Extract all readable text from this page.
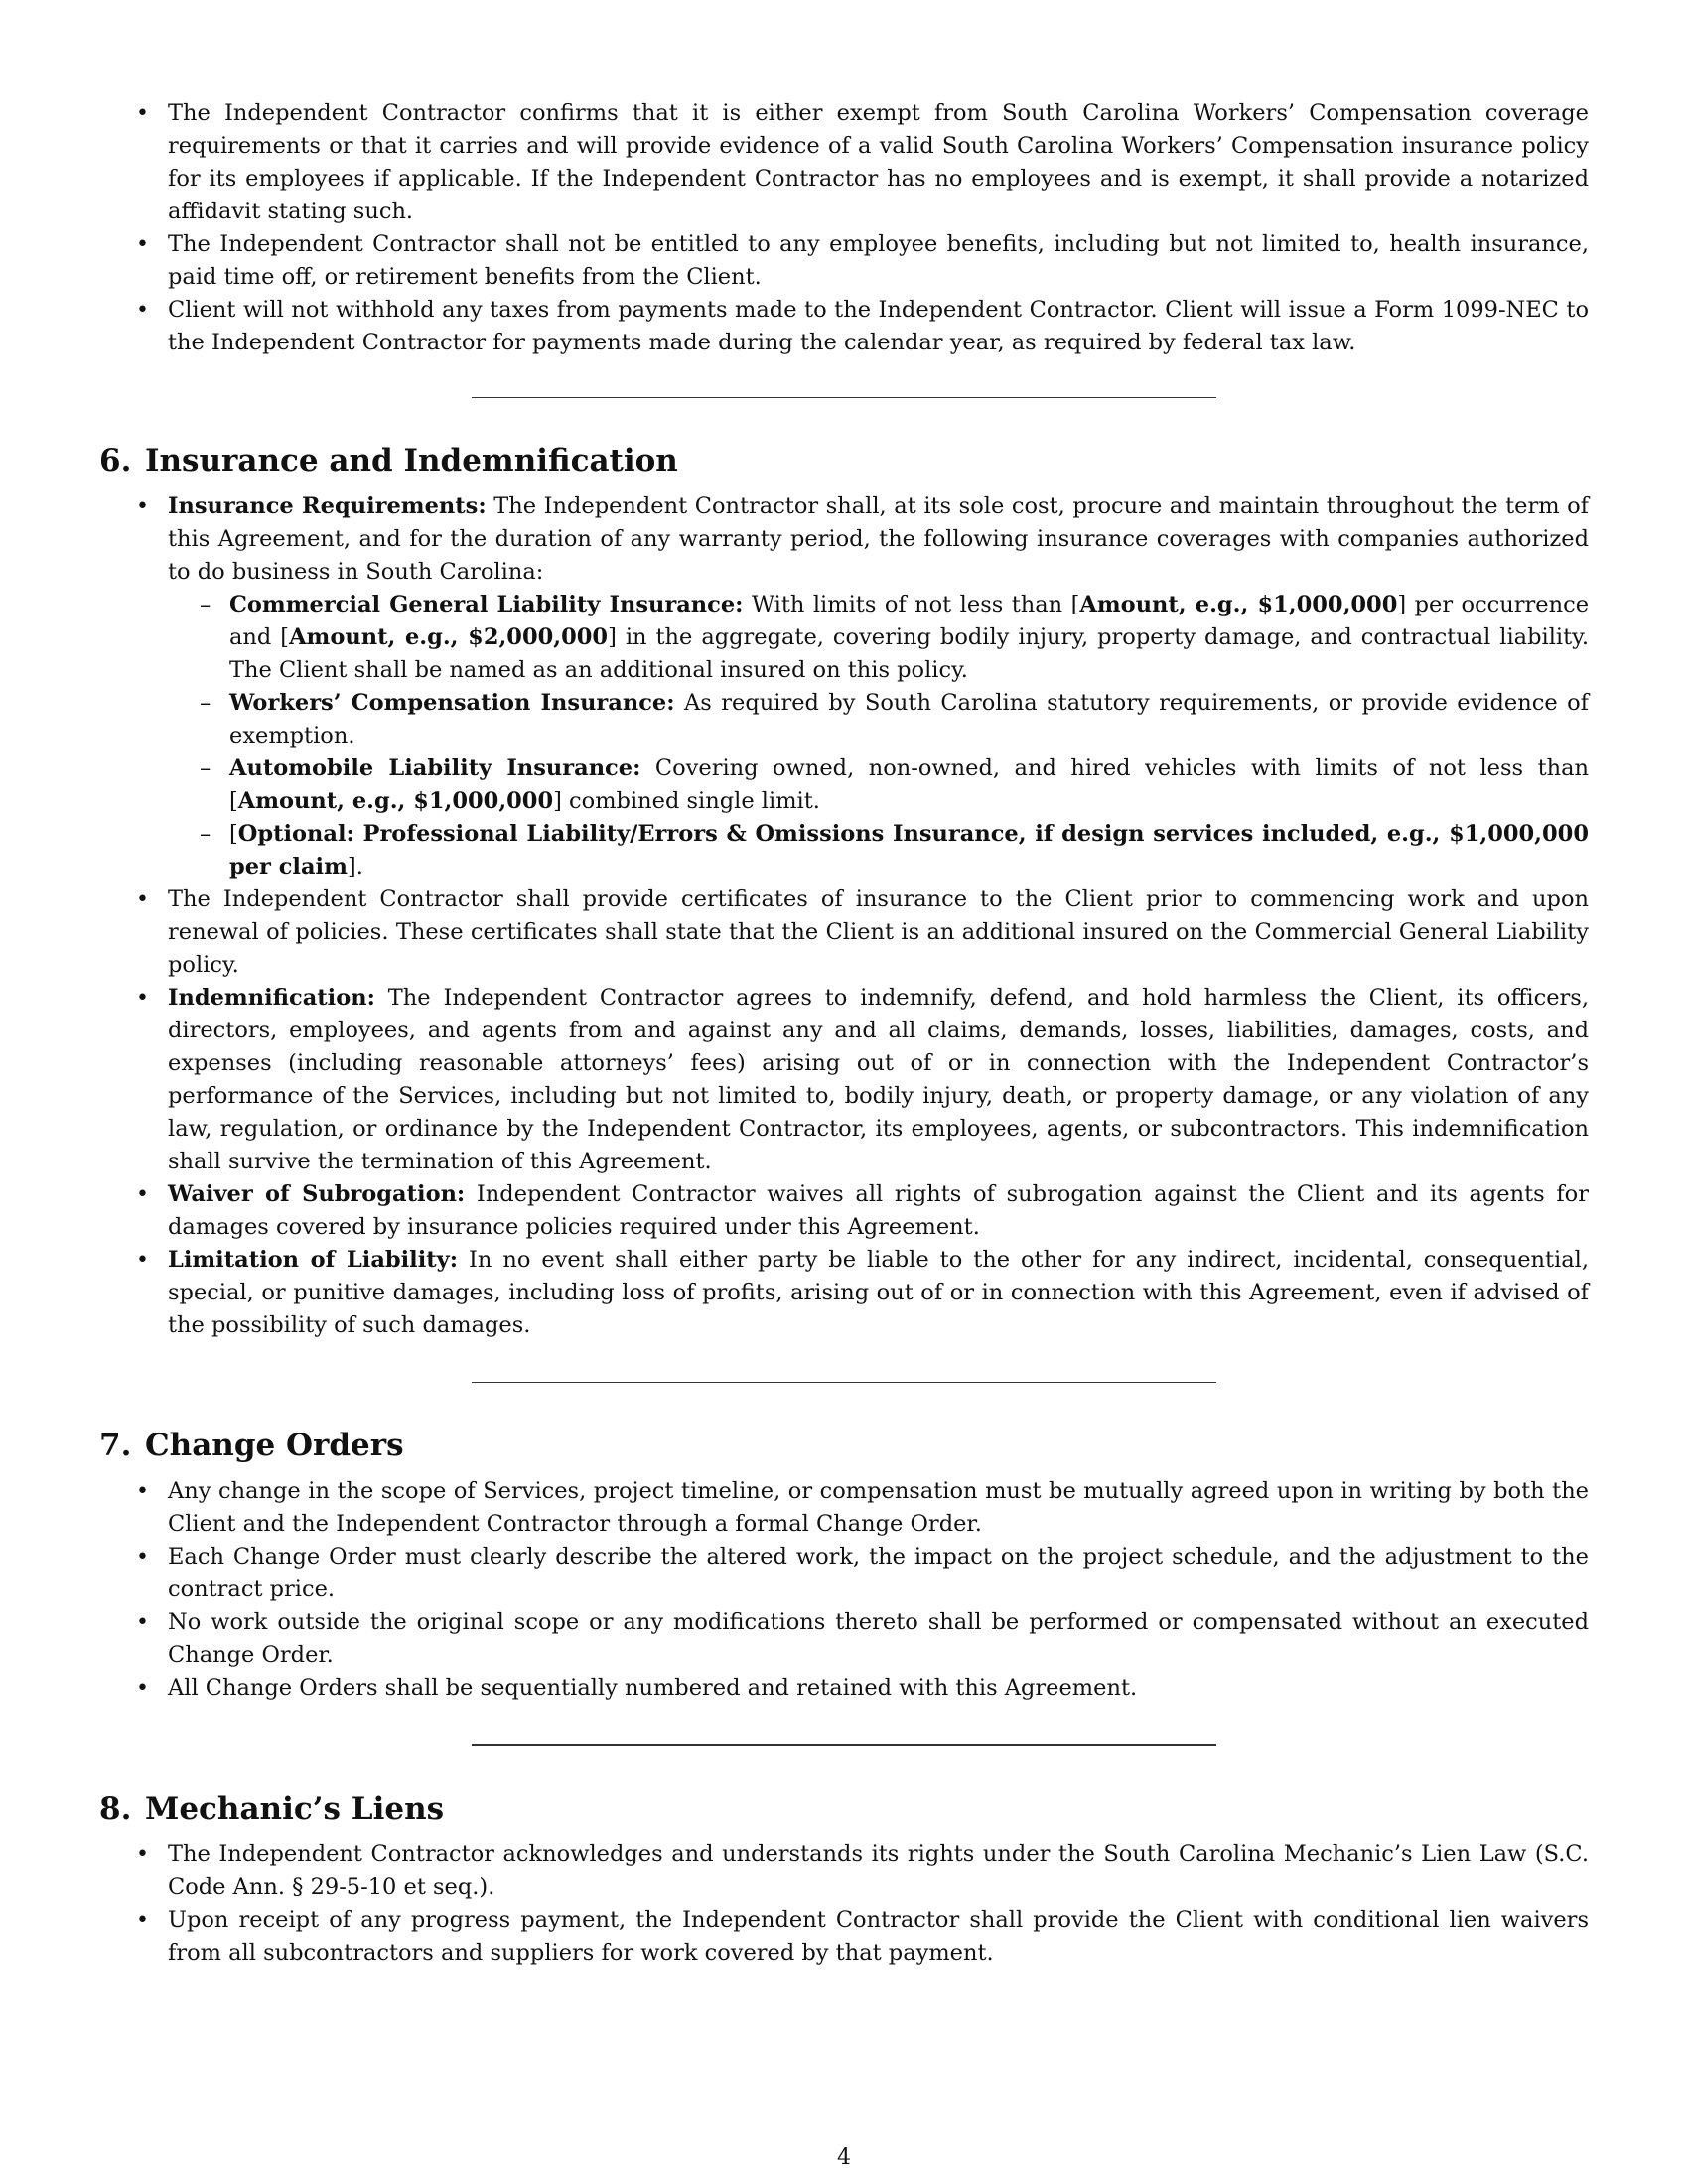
• The Independent Contractor confirms that it is either exempt from South Carolina Workers’ Compensation coverage requirements or that it carries and will provide evidence of a valid South Carolina Workers’ Compensation insurance policy for its employees if applicable. If the Independent Contractor has no employees and is exempt, it shall provide a notarized affidavit stating such.
• The Independent Contractor shall not be entitled to any employee benefits, including but not limited to, health insurance, paid time off, or retirement benefits from the Client.
• Client will not withhold any taxes from payments made to the Independent Contractor. Client will issue a Form 1099-NEC to the Independent Contractor for payments made during the calendar year, as required by federal tax law.
6. Insurance and Indemnification
• Insurance Requirements: The Independent Contractor shall, at its sole cost, procure and maintain throughout the term of this Agreement, and for the duration of any warranty period, the following insurance coverages with companies authorized to do business in South Carolina:
– Commercial General Liability Insurance: With limits of not less than [Amount, e.g., $1,000,000] per occurrence and [Amount, e.g., $2,000,000] in the aggregate, covering bodily injury, property damage, and contractual liability. The Client shall be named as an additional insured on this policy.
– Workers’ Compensation Insurance: As required by South Carolina statutory requirements, or provide evidence of exemption.
– Automobile Liability Insurance: Covering owned, non-owned, and hired vehicles with limits of not less than [Amount, e.g., $1,000,000] combined single limit.
– [Optional: Professional Liability/Errors & Omissions Insurance, if design services included, e.g., $1,000,000 per claim].
• The Independent Contractor shall provide certificates of insurance to the Client prior to commencing work and upon renewal of policies. These certificates shall state that the Client is an additional insured on the Commercial General Liability policy.
• Indemnification: The Independent Contractor agrees to indemnify, defend, and hold harmless the Client, its officers, directors, employees, and agents from and against any and all claims, demands, losses, liabilities, damages, costs, and expenses (including reasonable attorneys’ fees) arising out of or in connection with the Independent Contractor’s performance of the Services, including but not limited to, bodily injury, death, or property damage, or any violation of any law, regulation, or ordinance by the Independent Contractor, its employees, agents, or subcontractors. This indemnification shall survive the termination of this Agreement.
• Waiver of Subrogation: Independent Contractor waives all rights of subrogation against the Client and its agents for damages covered by insurance policies required under this Agreement.
• Limitation of Liability: In no event shall either party be liable to the other for any indirect, incidental, consequential, special, or punitive damages, including loss of profits, arising out of or in connection with this Agreement, even if advised of the possibility of such damages.
7. Change Orders
• Any change in the scope of Services, project timeline, or compensation must be mutually agreed upon in writing by both the Client and the Independent Contractor through a formal Change Order.
• Each Change Order must clearly describe the altered work, the impact on the project schedule, and the adjustment to the contract price.
• No work outside the original scope or any modifications thereto shall be performed or compensated without an executed Change Order.
• All Change Orders shall be sequentially numbered and retained with this Agreement.
8. Mechanic’s Liens
• The Independent Contractor acknowledges and understands its rights under the South Carolina Mechanic’s Lien Law (S.C. Code Ann. § 29-5-10 et seq.).
• Upon receipt of any progress payment, the Independent Contractor shall provide the Client with conditional lien waivers from all subcontractors and suppliers for work covered by that payment.
4
